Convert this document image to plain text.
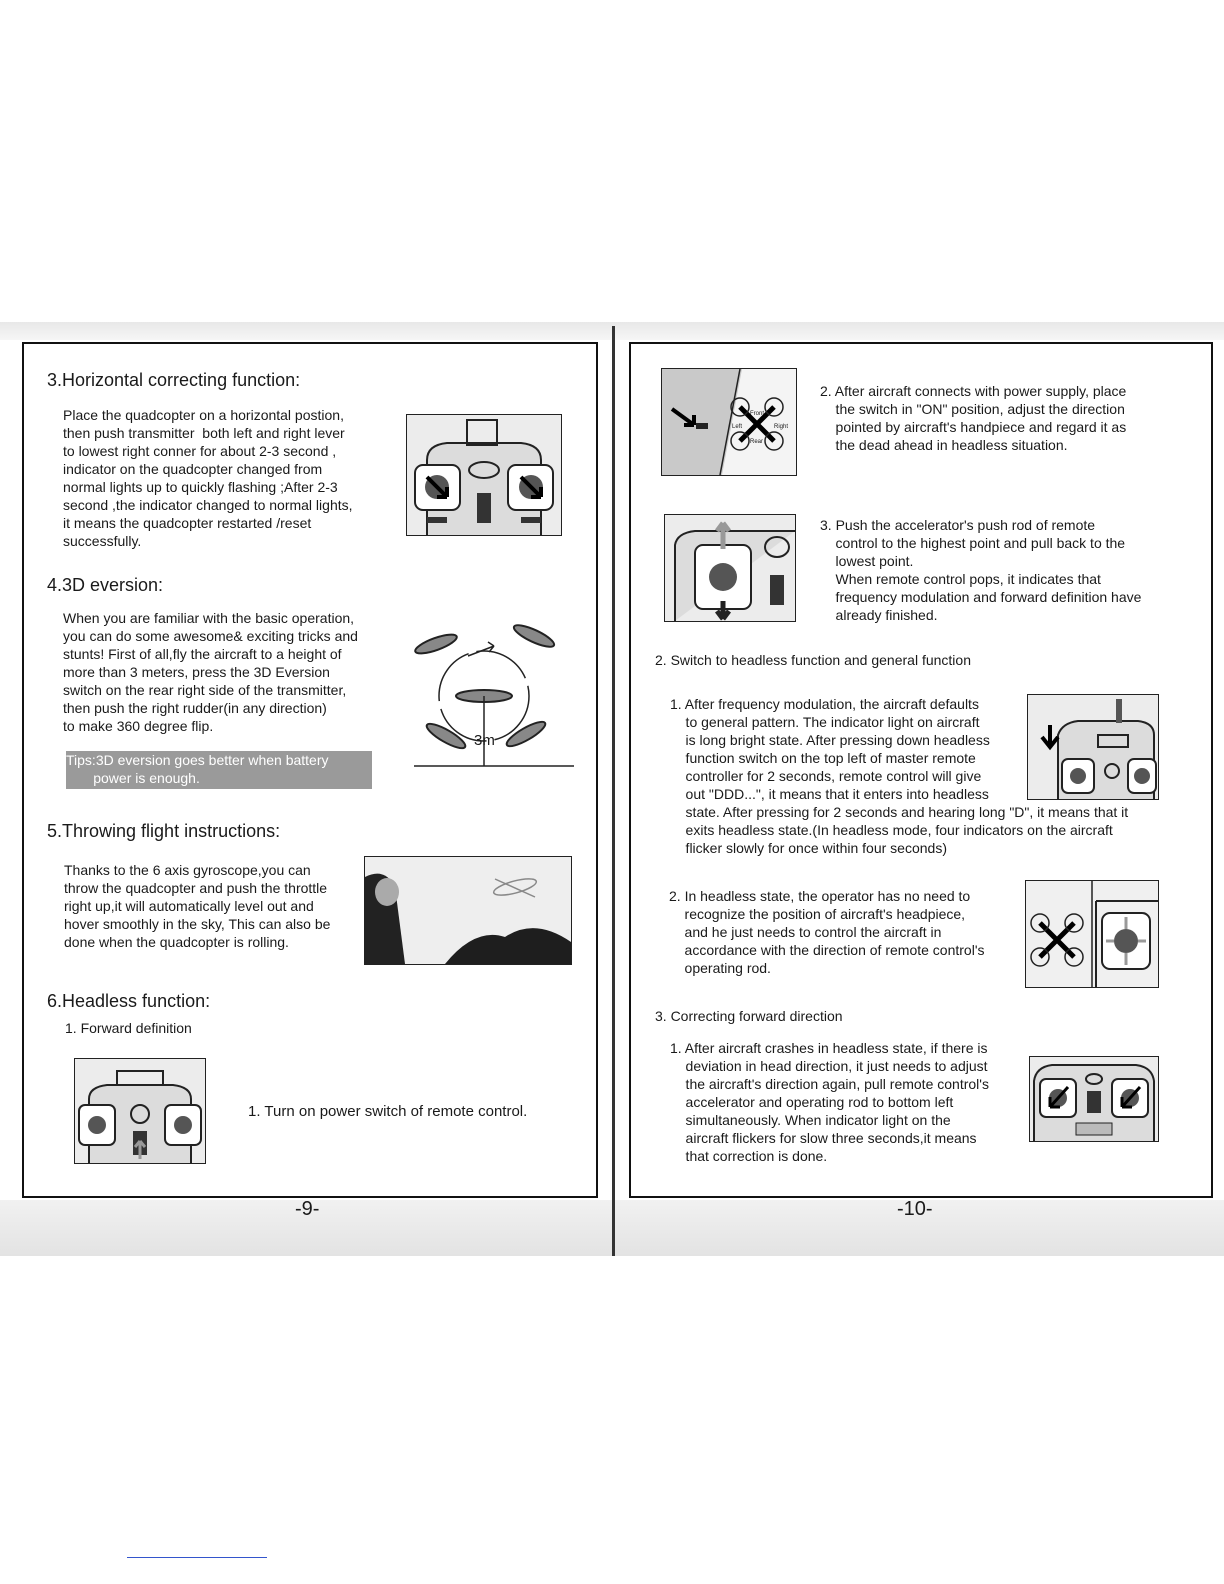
3.Horizontal correcting function:
Place the quadcopter on a horizontal postion,
then push transmitter  both left and right lever
to lowest right conner for about 2-3 second ,
indicator on the quadcopter changed from
normal lights up to quickly flashing ;After 2-3
second ,the indicator changed to normal lights,
it means the quadcopter restarted /reset
successfully.
4.3D eversion:
When you are familiar with the basic operation,
you can do some awesome& exciting tricks and
stunts! First of all,fly the aircraft to a height of
more than 3 meters, press the 3D Eversion
switch on the rear right side of the transmitter,
then push the right rudder(in any direction)
to make 360 degree flip.
3m
Tips:3D eversion goes better when battery
power is enough.
5.Throwing flight instructions:
Thanks to the 6 axis gyroscope,you can
throw the quadcopter and push the throttle
right up,it will automatically level out and
hover smoothly in the sky, This can also be
done when the quadcopter is rolling.
6.Headless function:
1. Forward definition
1. Turn on power switch of remote control.
-9-
Front
Left	Right
Rear
2. After aircraft connects with power supply, place
the switch in "ON" position, adjust the direction
pointed by aircraft's handpiece and regard it as
the dead ahead in headless situation.
3. Push the accelerator's push rod of remote
control to the highest point and pull back to the
lowest point.
When remote control pops, it indicates that
frequency modulation and forward definition have
already finished.
2. Switch to headless function and general function
1. After frequency modulation, the aircraft defaults
to general pattern. The indicator light on aircraft
is long bright state. After pressing down headless
function switch on the top left of master remote
controller for 2 seconds, remote control will give
out "DDD...", it means that it enters into headless
state. After pressing for 2 seconds and hearing long "D", it means that it
exits headless state.(In headless mode, four indicators on the aircraft
flicker slowly for once within four seconds)
2. In headless state, the operator has no need to
recognize the position of aircraft's headpiece,
and he just needs to control the aircraft in
accordance with the direction of remote control's
operating rod.
3. Correcting forward direction
1. After aircraft crashes in headless state, if there is
deviation in head direction, it just needs to adjust
the aircraft's direction again, pull remote control's
accelerator and operating rod to bottom left
simultaneously. When indicator light on the
aircraft flickers for slow three seconds,it means
that correction is done.
-10-
